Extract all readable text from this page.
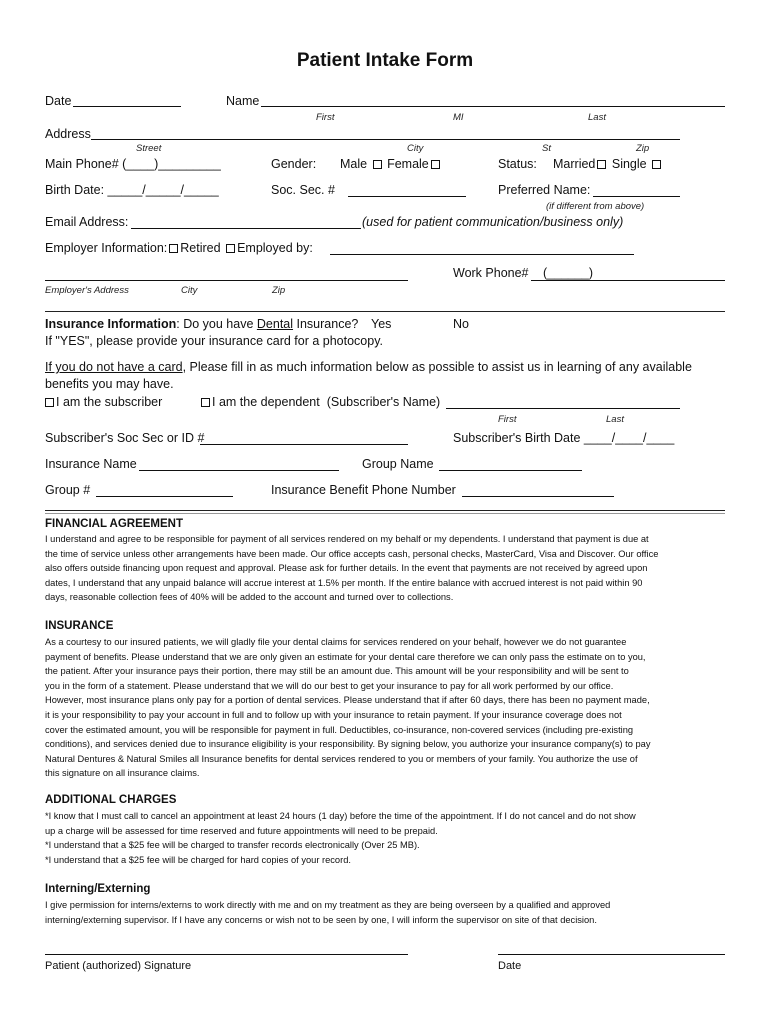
Patient Intake Form
Date	Name
First	MI	Last
Address
Street	City	St	Zip
Main Phone# (____)_________	Gender: Male Female	Status: Married Single
Birth Date: _____/_____/_____	Soc. Sec. #	Preferred Name:
(if different from above)
Email Address:	(used for patient communication/business only)
Employer Information: Retired Employed by:
Work Phone# (______)
Employer's Address	City	Zip
Insurance Information: Do you have Dental Insurance? Yes	No
If "YES", please provide your insurance card for a photocopy.
If you do not have a card, Please fill in as much information below as possible to assist us in learning of any available
benefits you may have.
I am the subscriber	I am the dependent (Subscriber's Name)
First	Last
Subscriber's Soc Sec or ID #	Subscriber's Birth Date ____/____/____
Insurance Name	Group Name
Group #	Insurance Benefit Phone Number
FINANCIAL AGREEMENT

I understand and agree to be responsible for payment of all services rendered on my behalf or my dependents. I understand that payment is due at

the time of service unless other arrangements have been made. Our office accepts cash, personal checks, MasterCard, Visa and Discover. Our office

also offers outside financing upon request and approval. Please ask for further details. In the event that payments are not received by agreed upon

dates, I understand that any unpaid balance will accrue interest at 1.5% per month. If the entire balance with accrued interest is not paid within 90

days, reasonable collection fees of 40% will be added to the account and turned over to collections.

INSURANCE

As a courtesy to our insured patients, we will gladly file your dental claims for services rendered on your behalf, however we do not guarantee

payment of benefits. Please understand that we are only given an estimate for your dental care therefore we can only pass the estimate on to you,

the patient. After your insurance pays their portion, there may still be an amount due. This amount will be your responsibility and will be sent to

you in the form of a statement. Please understand that we will do our best to get your insurance to pay for all work performed by our office.

However, most insurance plans only pay for a portion of dental services. Please understand that if after 60 days, there has been no payment made,

it is your responsibility to pay your account in full and to follow up with your insurance to retain payment. If your insurance coverage does not

cover the estimated amount, you will be responsible for payment in full. Deductibles, co-insurance, non-covered services (including pre-existing

conditions), and services denied due to insurance eligibility is your responsibility. By signing below, you authorize your insurance company(s) to pay

Natural Dentures & Natural Smiles all Insurance benefits for dental services rendered to you or members of your family. You authorize the use of

this signature on all insurance claims.

ADDITIONAL CHARGES

*I know that I must call to cancel an appointment at least 24 hours (1 day) before the time of the appointment. If I do not cancel and do not show

up a charge will be assessed for time reserved and future appointments will need to be prepaid.

*I understand that a $25 fee will be charged to transfer records electronically (Over 25 MB).

*I understand that a $25 fee will be charged for hard copies of your record.

Interning/Externing

I give permission for interns/externs to work directly with me and on my treatment as they are being overseen by a qualified and approved

interning/externing supervisor. If I have any concerns or wish not to be seen by one, I will inform the supervisor on site of that decision.

Patient (authorized) Signature	Date
